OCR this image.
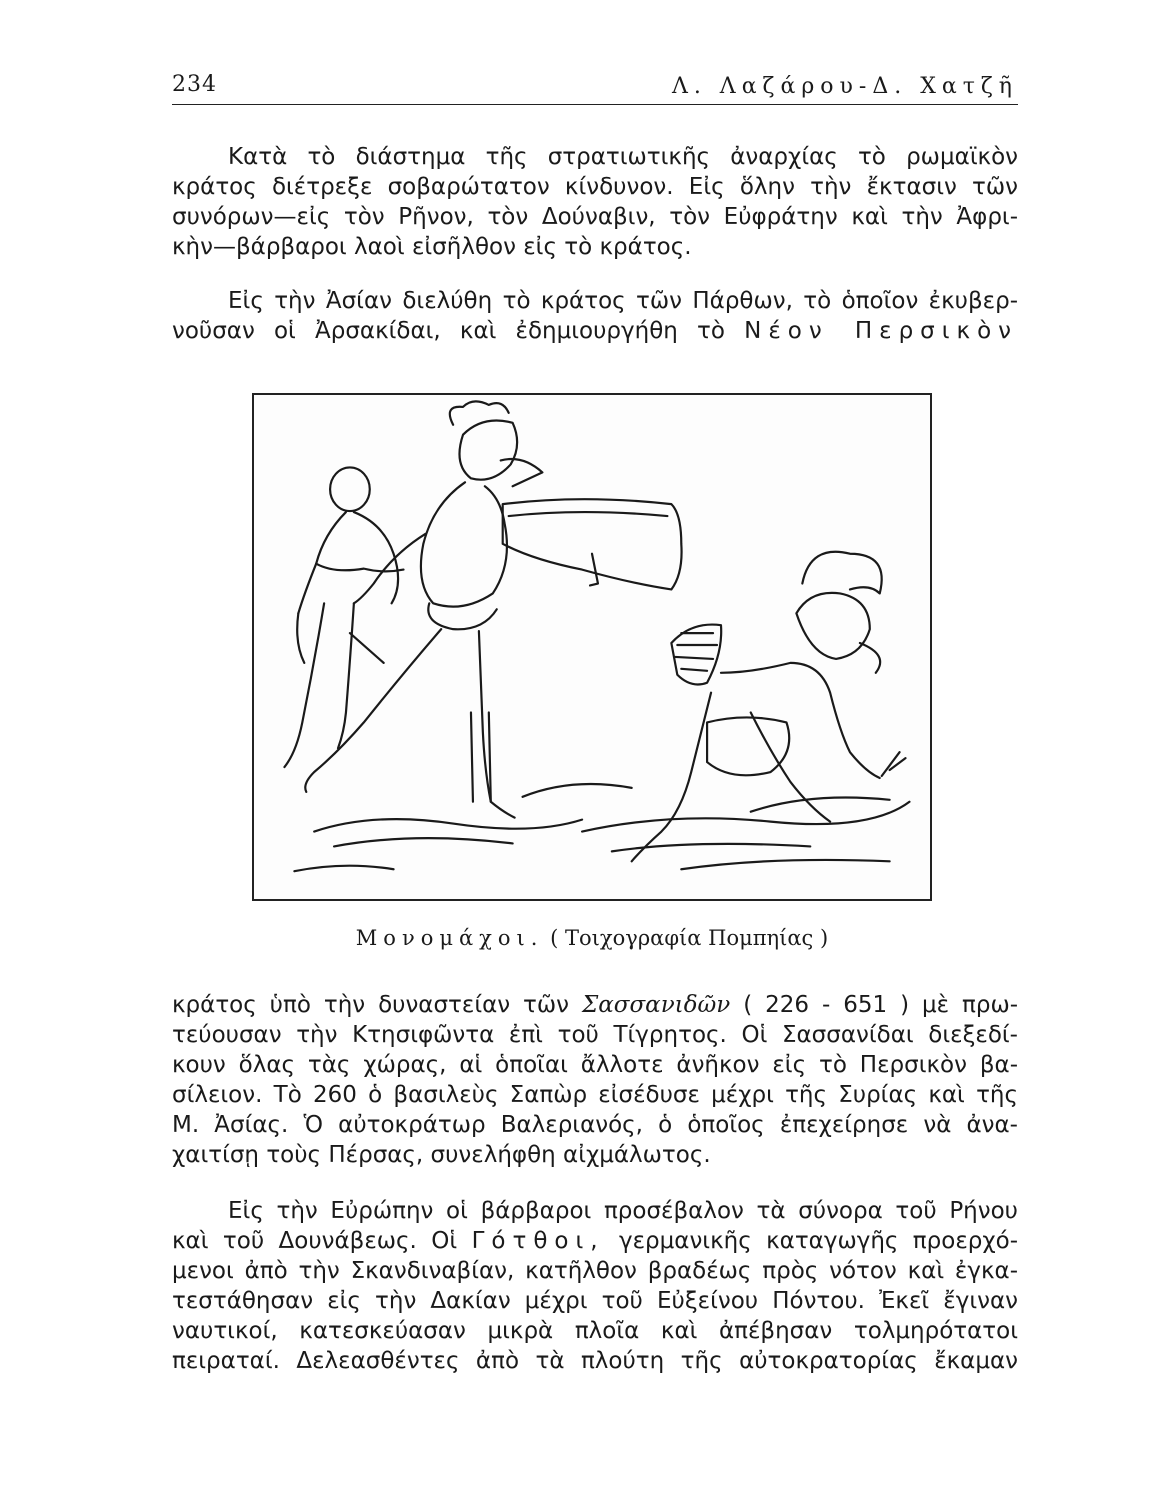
234	Λ. Λαζάρου-Δ. Χατζῆ

Κατὰ τὸ διάστημα τῆς στρατιωτικῆς ἀναρχίας τὸ ρωμαϊκὸν
κράτος διέτρεξε σοβαρώτατον κίνδυνον. Εἰς ὅλην τὴν ἔκτασιν τῶν
συνόρων—εἰς τὸν Ρῆνον, τὸν Δούναβιν, τὸν Εὐφράτην καὶ τὴν Ἀφρι-
κὴν—βάρβαροι λαοὶ εἰσῆλθον εἰς τὸ κράτος.

Εἰς τὴν Ἀσίαν διελύθη τὸ κράτος τῶν Πάρθων, τὸ ὁποῖον ἐκυβερ-
νοῦσαν οἱ Ἀρσακίδαι, καὶ ἐδημιουργήθη τὸ Νέον Περσικὸν

Μονομάχοι. ( Τοιχογραφία Πομπηίας )

κράτος ὑπὸ τὴν δυναστείαν τῶν Σασσανιδῶν ( 226 - 651 ) μὲ πρω-
τεύουσαν τὴν Κτησιφῶντα ἐπὶ τοῦ Τίγρητος. Οἱ Σασσανίδαι διεξεδί-
κουν ὅλας τὰς χώρας, αἱ ὁποῖαι ἄλλοτε ἀνῆκον εἰς τὸ Περσικὸν βα-
σίλειον. Τὸ 260 ὁ βασιλεὺς Σαπὼρ εἰσέδυσε μέχρι τῆς Συρίας καὶ τῆς
Μ. Ἀσίας. Ὁ αὐτοκράτωρ Βαλεριανός, ὁ ὁποῖος ἐπεχείρησε νὰ ἀνα-
χαιτίσῃ τοὺς Πέρσας, συνελήφθη αἰχμάλωτος.

Εἰς τὴν Εὐρώπην οἱ βάρβαροι προσέβαλον τὰ σύνορα τοῦ Ρήνου
καὶ τοῦ Δουνάβεως. Οἱ Γότθοι, γερμανικῆς καταγωγῆς προερχό-
μενοι ἀπὸ τὴν Σκανδιναβίαν, κατῆλθον βραδέως πρὸς νότον καὶ ἐγκα-
τεστάθησαν εἰς τὴν Δακίαν μέχρι τοῦ Εὐξείνου Πόντου. Ἐκεῖ ἔγιναν
ναυτικοί, κατεσκεύασαν μικρὰ πλοῖα καὶ ἀπέβησαν τολμηρότατοι
πειραταί. Δελεασθέντες ἀπὸ τὰ πλούτη τῆς αὐτοκρατορίας ἔκαμαν
